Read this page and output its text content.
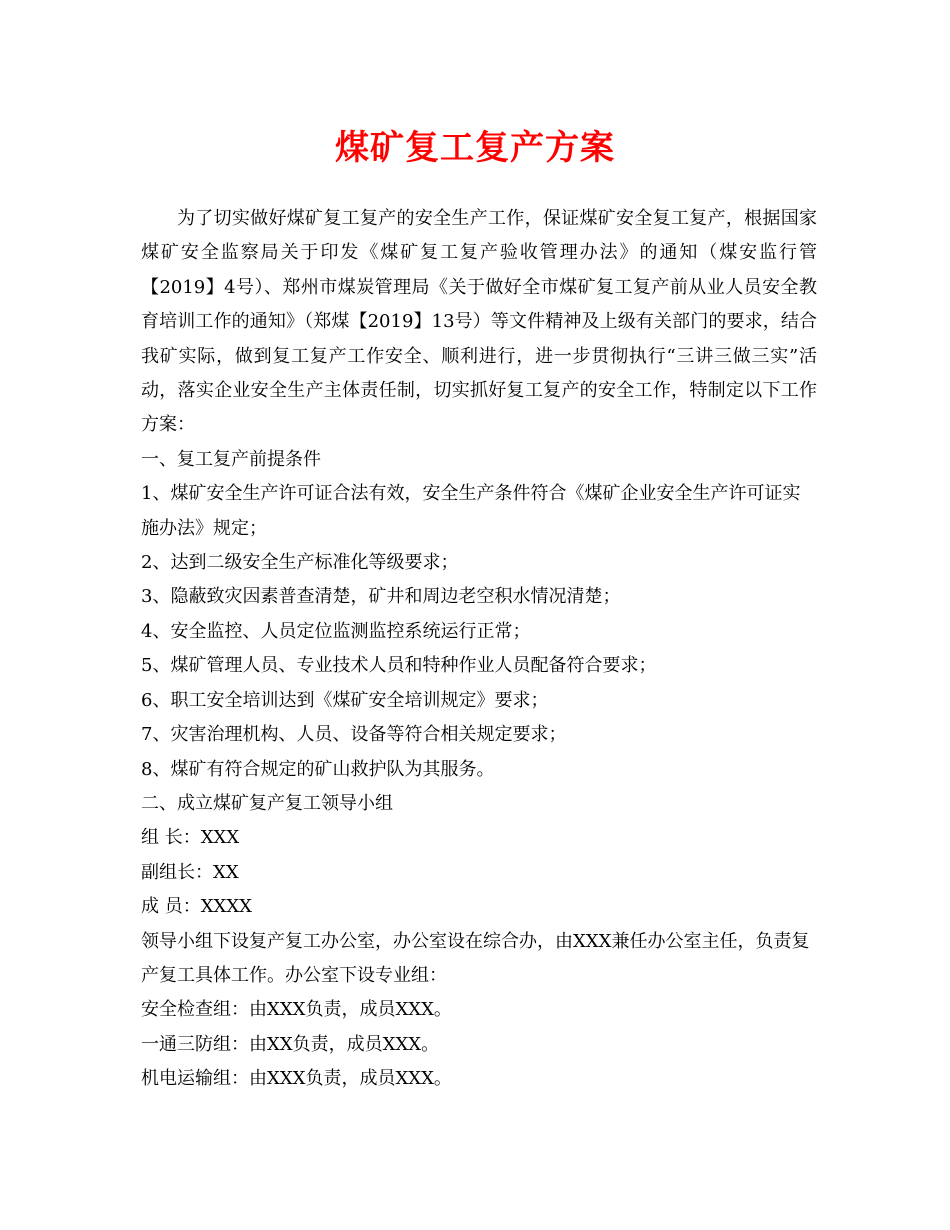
煤矿复工复产方案

为了切实做好煤矿复工复产的安全生产工作，保证煤矿安全复工复产，根据国家煤矿安全监察局关于印发《煤矿复工复产验收管理办法》的通知（煤安监行管【2019】4号）、郑州市煤炭管理局《关于做好全市煤矿复工复产前从业人员安全教育培训工作的通知》（郑煤【2019】13号）等文件精神及上级有关部门的要求，结合我矿实际，做到复工复产工作安全、顺利进行，进一步贯彻执行“三讲三做三实”活动，落实企业安全生产主体责任制，切实抓好复工复产的安全工作，特制定以下工作方案：

一、复工复产前提条件

1、煤矿安全生产许可证合法有效，安全生产条件符合《煤矿企业安全生产许可证实施办法》规定；

2、达到二级安全生产标准化等级要求；

3、隐蔽致灾因素普查清楚，矿井和周边老空积水情况清楚；

4、安全监控、人员定位监测监控系统运行正常；

5、煤矿管理人员、专业技术人员和特种作业人员配备符合要求；

6、职工安全培训达到《煤矿安全培训规定》要求；

7、灾害治理机构、人员、设备等符合相关规定要求；

8、煤矿有符合规定的矿山救护队为其服务。

二、成立煤矿复产复工领导小组

组 长：XXX

副组长：XX

成 员：XXXX

领导小组下设复产复工办公室，办公室设在综合办，由XXX兼任办公室主任，负责复产复工具体工作。办公室下设专业组：

安全检查组：由XXX负责，成员XXX。

一通三防组：由XX负责，成员XXX。

机电运输组：由XXX负责，成员XXX。
